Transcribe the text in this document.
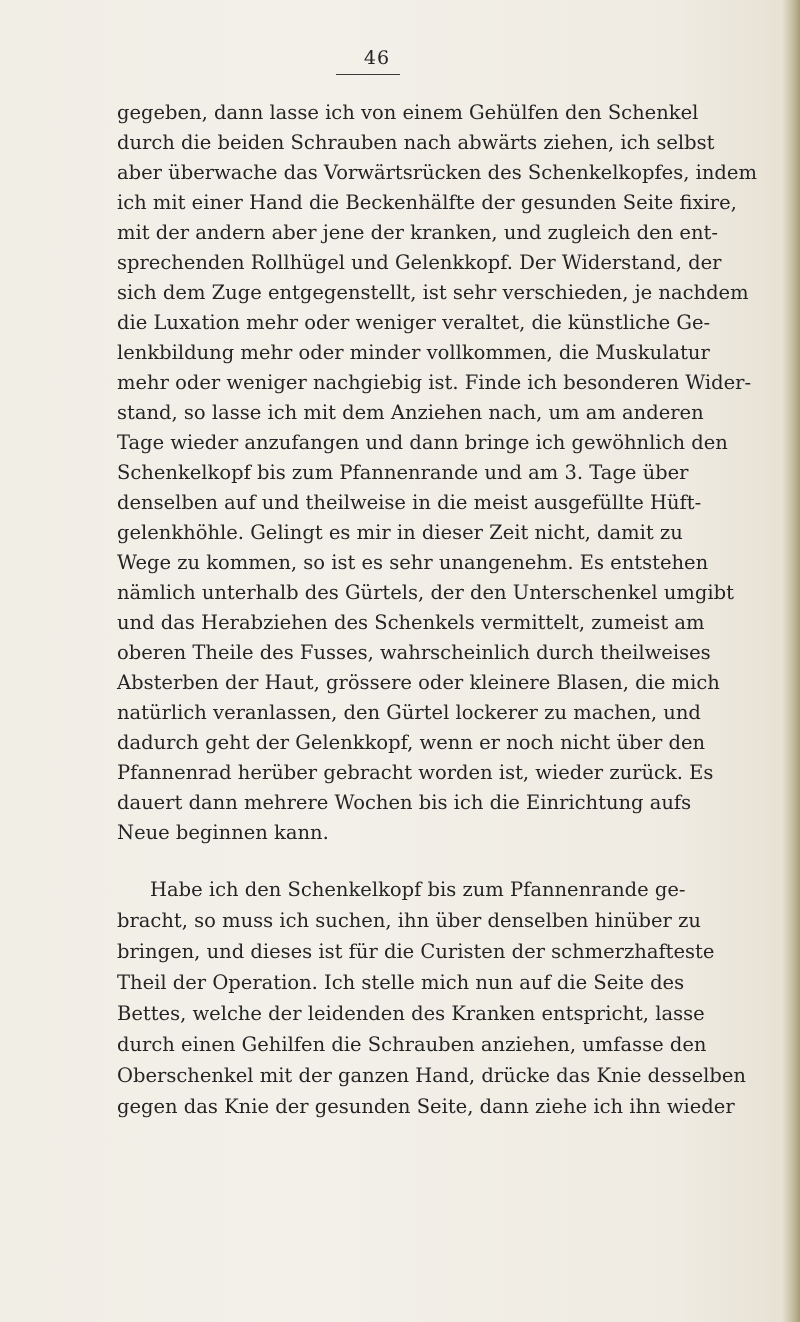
46
gegeben, dann lasse ich von einem Gehülfen den Schenkel
durch die beiden Schrauben nach abwärts ziehen, ich selbst
aber überwache das Vorwärtsrücken des Schenkelkopfes, indem
ich mit einer Hand die Beckenhälfte der gesunden Seite fixire,
mit der andern aber jene der kranken, und zugleich den ent-
sprechenden Rollhügel und Gelenkkopf. Der Widerstand, der
sich dem Zuge entgegenstellt, ist sehr verschieden, je nachdem
die Luxation mehr oder weniger veraltet, die künstliche Ge-
lenkbildung mehr oder minder vollkommen, die Muskulatur
mehr oder weniger nachgiebig ist. Finde ich besonderen Wider-
stand, so lasse ich mit dem Anziehen nach, um am anderen
Tage wieder anzufangen und dann bringe ich gewöhnlich den
Schenkelkopf bis zum Pfannenrande und am 3. Tage über
denselben auf und theilweise in die meist ausgefüllte Hüft-
gelenkhöhle. Gelingt es mir in dieser Zeit nicht, damit zu
Wege zu kommen, so ist es sehr unangenehm. Es entstehen
nämlich unterhalb des Gürtels, der den Unterschenkel umgibt
und das Herabziehen des Schenkels vermittelt, zumeist am
oberen Theile des Fusses, wahrscheinlich durch theilweises
Absterben der Haut, grössere oder kleinere Blasen, die mich
natürlich veranlassen, den Gürtel lockerer zu machen, und
dadurch geht der Gelenkkopf, wenn er noch nicht über den
Pfannenrad herüber gebracht worden ist, wieder zurück. Es
dauert dann mehrere Wochen bis ich die Einrichtung aufs
Neue beginnen kann.
Habe ich den Schenkelkopf bis zum Pfannenrande ge-
bracht, so muss ich suchen, ihn über denselben hinüber zu
bringen, und dieses ist für die Curisten der schmerzhafteste
Theil der Operation. Ich stelle mich nun auf die Seite des
Bettes, welche der leidenden des Kranken entspricht, lasse
durch einen Gehilfen die Schrauben anziehen, umfasse den
Oberschenkel mit der ganzen Hand, drücke das Knie desselben
gegen das Knie der gesunden Seite, dann ziehe ich ihn wieder
